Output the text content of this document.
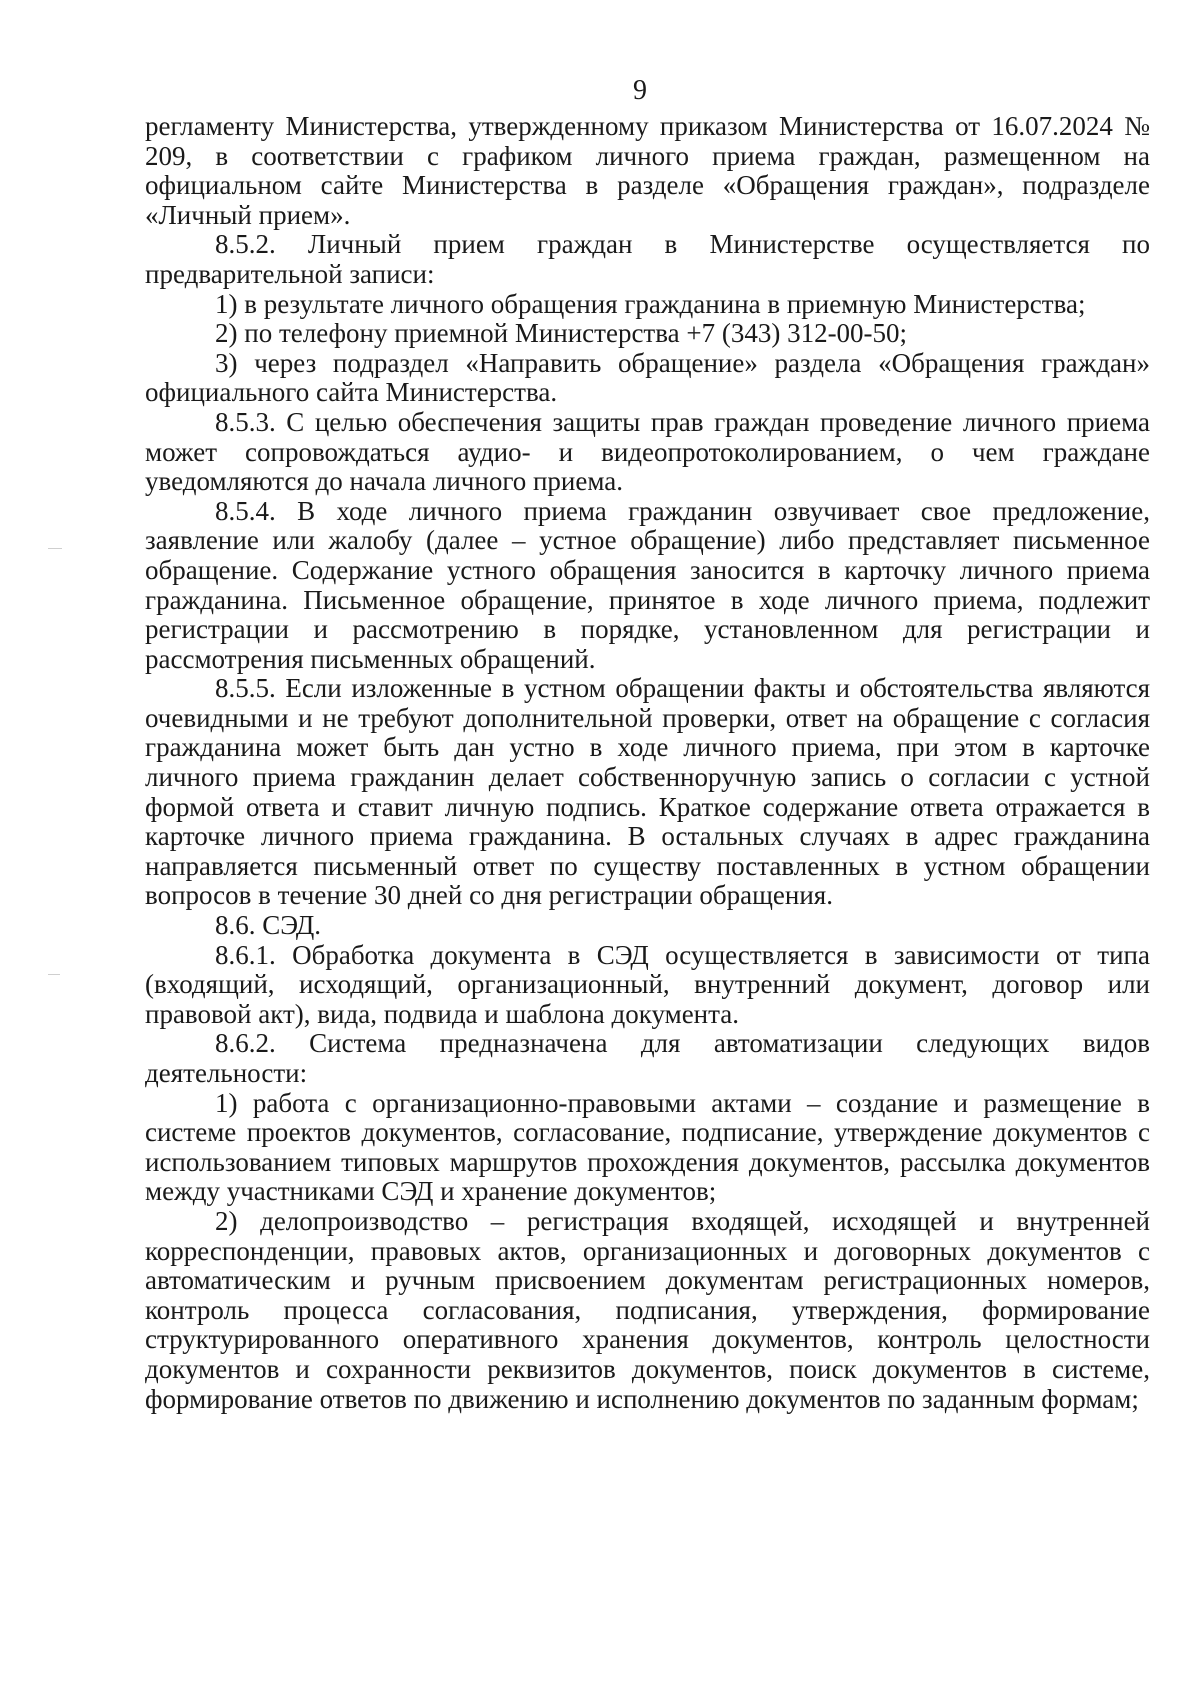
9

регламенту Министерства, утвержденному приказом Министерства от 16.07.2024 № 209, в соответствии с графиком личного приема граждан, размещенном на официальном сайте Министерства в разделе «Обращения граждан», подразделе «Личный прием».

8.5.2. Личный прием граждан в Министерстве осуществляется по предварительной записи:

1) в результате личного обращения гражданина в приемную Министерства;

2) по телефону приемной Министерства +7 (343) 312-00-50;

3) через подраздел «Направить обращение» раздела «Обращения граждан» официального сайта Министерства.

8.5.3. С целью обеспечения защиты прав граждан проведение личного приема может сопровождаться аудио- и видеопротоколированием, о чем граждане уведомляются до начала личного приема.

8.5.4. В ходе личного приема гражданин озвучивает свое предложение, заявление или жалобу (далее – устное обращение) либо представляет письменное обращение. Содержание устного обращения заносится в карточку личного приема гражданина. Письменное обращение, принятое в ходе личного приема, подлежит регистрации и рассмотрению в порядке, установленном для регистрации и рассмотрения письменных обращений.

8.5.5. Если изложенные в устном обращении факты и обстоятельства являются очевидными и не требуют дополнительной проверки, ответ на обращение с согласия гражданина может быть дан устно в ходе личного приема, при этом в карточке личного приема гражданин делает собственноручную запись о согласии с устной формой ответа и ставит личную подпись. Краткое содержание ответа отражается в карточке личного приема гражданина. В остальных случаях в адрес гражданина направляется письменный ответ по существу поставленных в устном обращении вопросов в течение 30 дней со дня регистрации обращения.

8.6. СЭД.

8.6.1. Обработка документа в СЭД осуществляется в зависимости от типа (входящий, исходящий, организационный, внутренний документ, договор или правовой акт), вида, подвида и шаблона документа.

8.6.2. Система предназначена для автоматизации следующих видов деятельности:

1) работа с организационно-правовыми актами – создание и размещение в системе проектов документов, согласование, подписание, утверждение документов с использованием типовых маршрутов прохождения документов, рассылка документов между участниками СЭД и хранение документов;

2) делопроизводство – регистрация входящей, исходящей и внутренней корреспонденции, правовых актов, организационных и договорных документов с автоматическим и ручным присвоением документам регистрационных номеров, контроль процесса согласования, подписания, утверждения, формирование структурированного оперативного хранения документов, контроль целостности документов и сохранности реквизитов документов, поиск документов в системе, формирование ответов по движению и исполнению документов по заданным формам;
